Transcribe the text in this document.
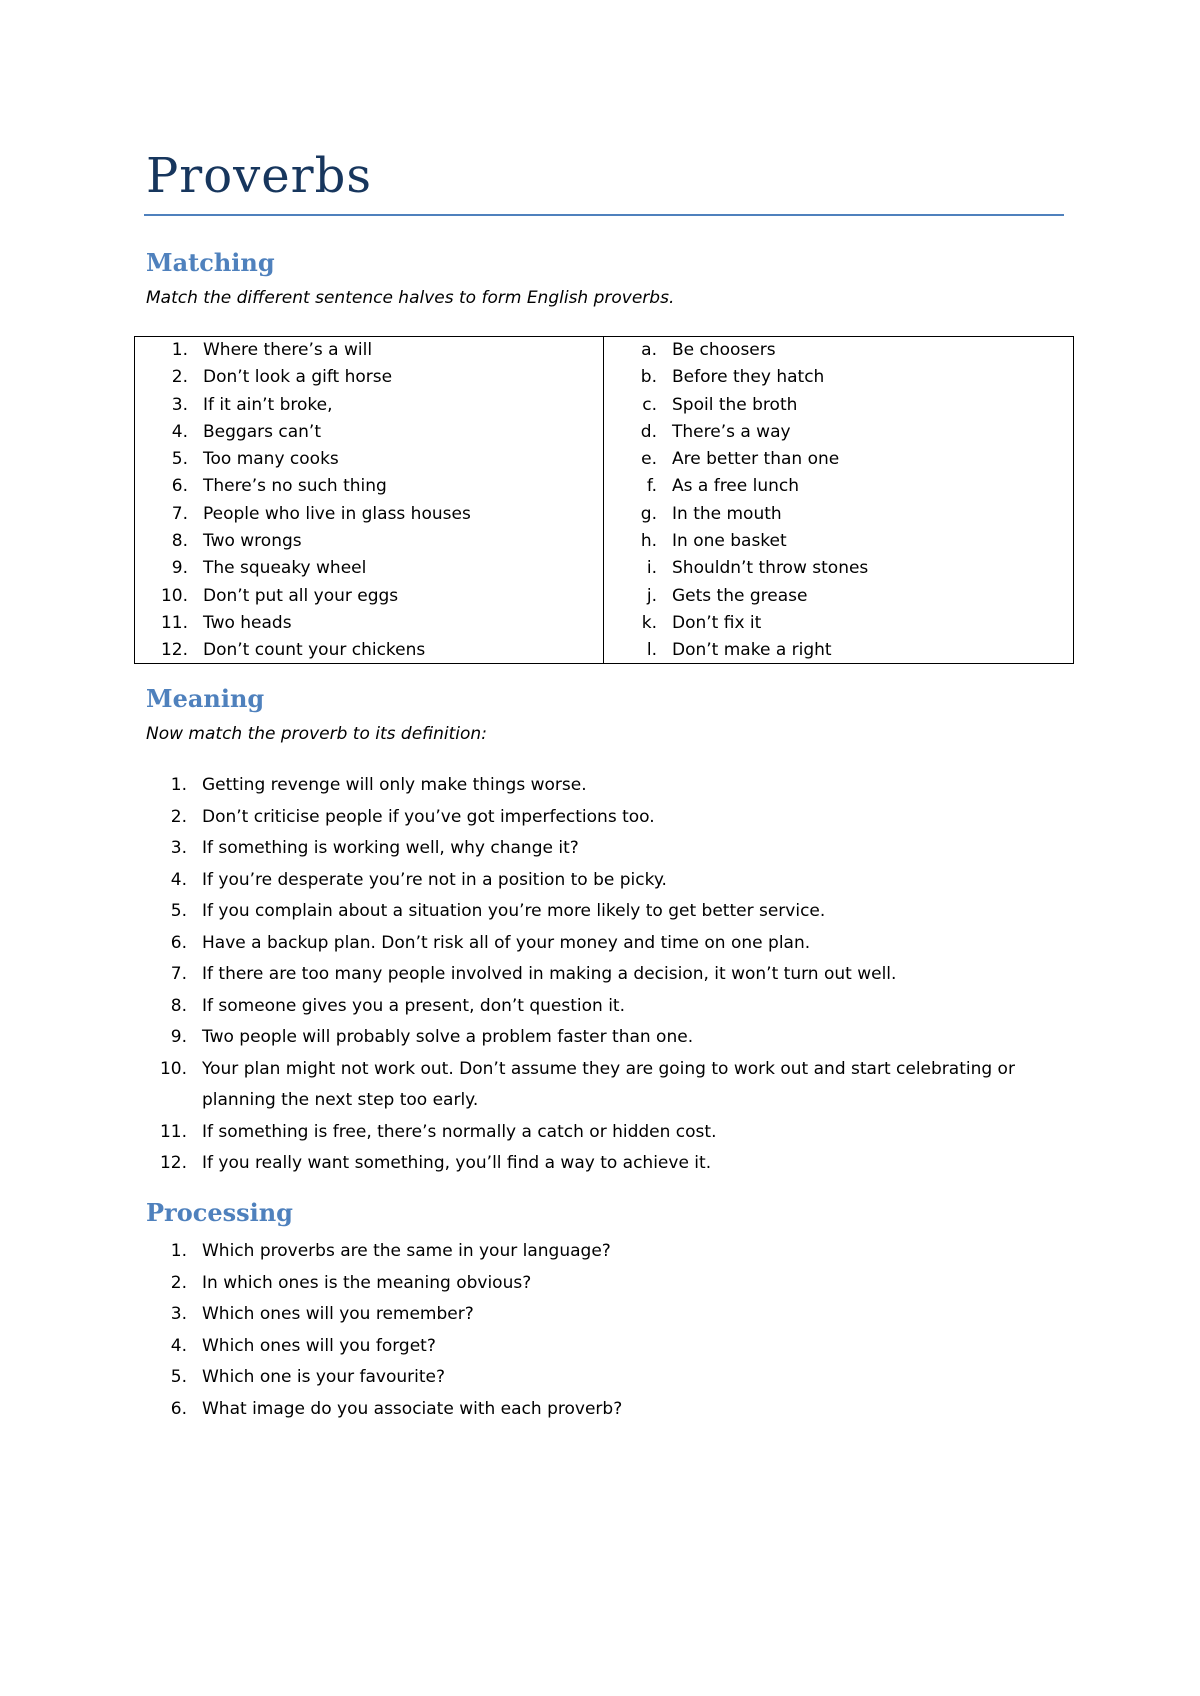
Proverbs
Matching
Match the different sentence halves to form English proverbs.
1. Where there’s a will
2. Don’t look a gift horse
3. If it ain’t broke,
4. Beggars can’t
5. Too many cooks
6. There’s no such thing
7. People who live in glass houses
8. Two wrongs
9. The squeaky wheel
10. Don’t put all your eggs
11. Two heads
12. Don’t count your chickens
a. Be choosers
b. Before they hatch
c. Spoil the broth
d. There’s a way
e. Are better than one
f. As a free lunch
g. In the mouth
h. In one basket
i. Shouldn’t throw stones
j. Gets the grease
k. Don’t fix it
l. Don’t make a right
Meaning
Now match the proverb to its definition:
1. Getting revenge will only make things worse.
2. Don’t criticise people if you’ve got imperfections too.
3. If something is working well, why change it?
4. If you’re desperate you’re not in a position to be picky.
5. If you complain about a situation you’re more likely to get better service.
6. Have a backup plan. Don’t risk all of your money and time on one plan.
7. If there are too many people involved in making a decision, it won’t turn out well.
8. If someone gives you a present, don’t question it.
9. Two people will probably solve a problem faster than one.
10. Your plan might not work out. Don’t assume they are going to work out and start celebrating or planning the next step too early.
11. If something is free, there’s normally a catch or hidden cost.
12. If you really want something, you’ll find a way to achieve it.
Processing
1. Which proverbs are the same in your language?
2. In which ones is the meaning obvious?
3. Which ones will you remember?
4. Which ones will you forget?
5. Which one is your favourite?
6. What image do you associate with each proverb?
